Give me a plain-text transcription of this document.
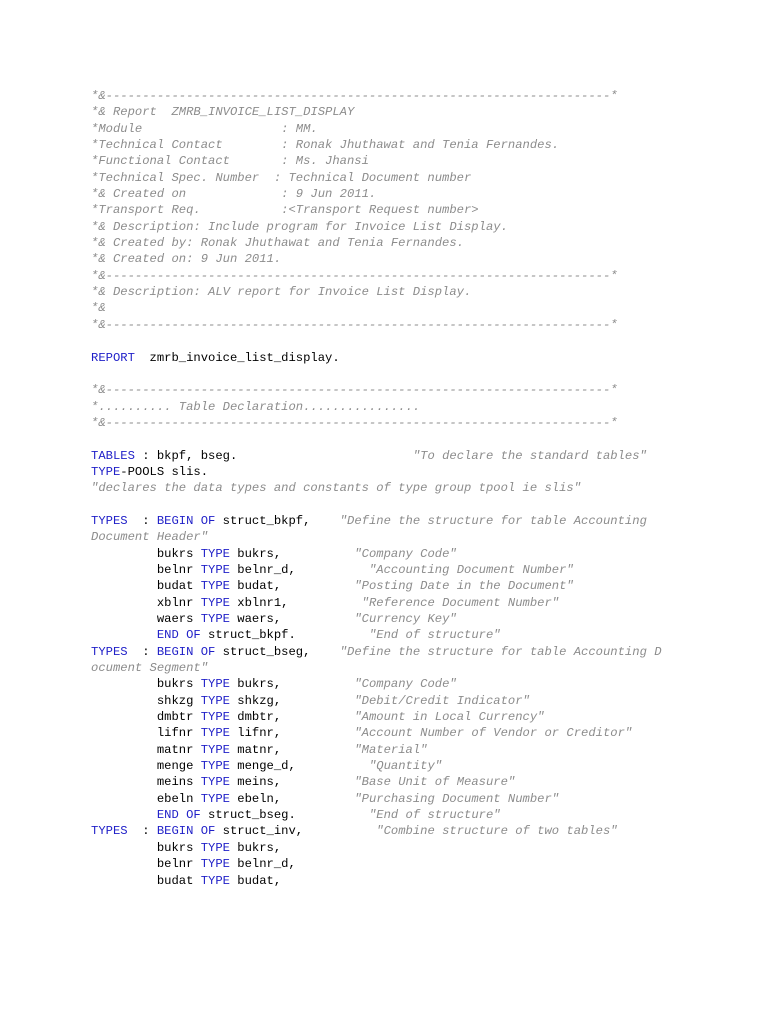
*&---------------------------------------------------------------------*
*& Report  ZMRB_INVOICE_LIST_DISPLAY
*Module                   : MM.
*Technical Contact        : Ronak Jhuthawat and Tenia Fernandes.
*Functional Contact       : Ms. Jhansi
*Technical Spec. Number  : Technical Document number
*& Created on             : 9 Jun 2011.
*Transport Req.           :<Transport Request number>
*& Description: Include program for Invoice List Display.
*& Created by: Ronak Jhuthawat and Tenia Fernandes.
*& Created on: 9 Jun 2011.
*&---------------------------------------------------------------------*
*& Description: ALV report for Invoice List Display.
*&
*&---------------------------------------------------------------------*

REPORT  zmrb_invoice_list_display.

*&---------------------------------------------------------------------*
*.......... Table Declaration................
*&---------------------------------------------------------------------*

TABLES : bkpf, bseg.                        "To declare the standard tables"
TYPE-POOLS slis.
"declares the data types and constants of type group tpool ie slis"

TYPES  : BEGIN OF struct_bkpf,    "Define the structure for table Accounting
Document Header"
bukrs TYPE bukrs,          "Company Code"
belnr TYPE belnr_d,          "Accounting Document Number"
budat TYPE budat,          "Posting Date in the Document"
xblnr TYPE xblnr1,          "Reference Document Number"
waers TYPE waers,          "Currency Key"
END OF struct_bkpf.          "End of structure"
TYPES  : BEGIN OF struct_bseg,    "Define the structure for table Accounting D
ocument Segment"
bukrs TYPE bukrs,          "Company Code"
shkzg TYPE shkzg,          "Debit/Credit Indicator"
dmbtr TYPE dmbtr,          "Amount in Local Currency"
lifnr TYPE lifnr,          "Account Number of Vendor or Creditor"
matnr TYPE matnr,          "Material"
menge TYPE menge_d,          "Quantity"
meins TYPE meins,          "Base Unit of Measure"
ebeln TYPE ebeln,          "Purchasing Document Number"
END OF struct_bseg.          "End of structure"
TYPES  : BEGIN OF struct_inv,          "Combine structure of two tables"
bukrs TYPE bukrs,
belnr TYPE belnr_d,
budat TYPE budat,
